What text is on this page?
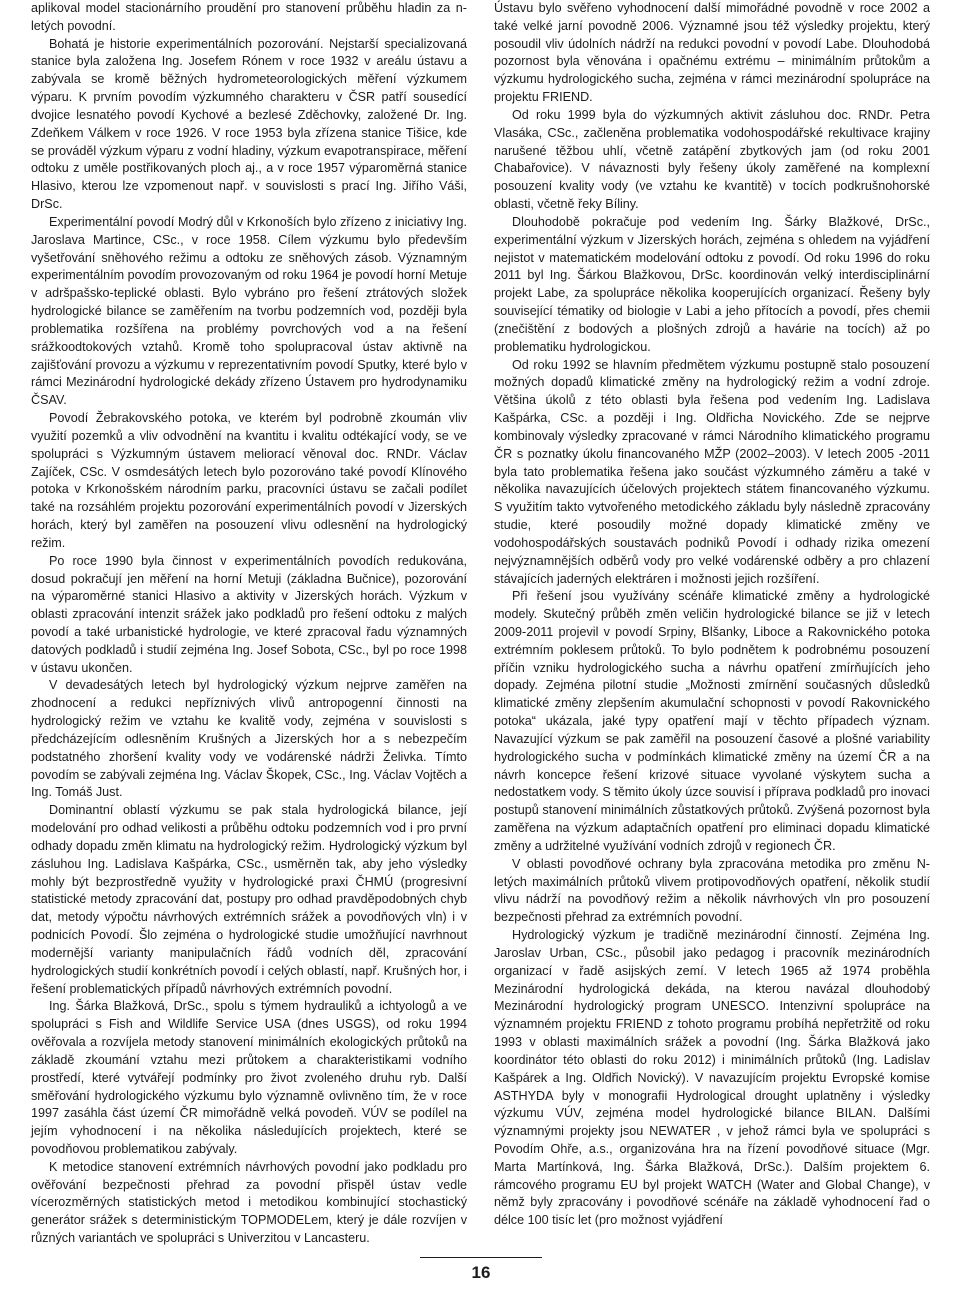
aplikoval model stacionárního proudění pro stanovení průběhu hladin za n-letých povodní.

Bohatá je historie experimentálních pozorování. Nejstarší specializovaná stanice byla založena Ing. Josefem Rónem v roce 1932 v areálu ústavu a zabývala se kromě běžných hydrometeorologických měření výzkumem výparu. K prvním povodím výzkumného charakteru v ČSR patří sousedící dvojice lesnatého povodí Kychové a bezlesé Zděchovky, založené Dr. Ing. Zdeňkem Válkem v roce 1926. V roce 1953 byla zřízena stanice Tišice, kde se prováděl výzkum výparu z vodní hladiny, výzkum evapotranspirace, měření odtoku z uměle postřikovaných ploch aj., a v roce 1957 výparoměrná stanice Hlasivo, kterou lze vzpomenout např. v souvislosti s prací Ing. Jiřího Váši, DrSc.

Experimentální povodí Modrý důl v Krkonoších bylo zřízeno z iniciativy Ing. Jaroslava Martince, CSc., v roce 1958. Cílem výzkumu bylo především vyšetřování sněhového režimu a odtoku ze sněhových zásob. Významným experimentálním povodím provozovaným od roku 1964 je povodí horní Metuje v adršpašsko-teplické oblasti. Bylo vybráno pro řešení ztrátových složek hydrologické bilance se zaměřením na tvorbu podzemních vod, později byla problematika rozšířena na problémy povrchových vod a na řešení srážkoodtokových vztahů. Kromě toho spolupracoval ústav aktivně na zajišťování provozu a výzkumu v reprezentativním povodí Sputky, které bylo v rámci Mezinárodní hydrologické dekády zřízeno Ústavem pro hydrodynamiku ČSAV.

Povodí Žebrakovského potoka, ve kterém byl podrobně zkoumán vliv využití pozemků a vliv odvodnění na kvantitu i kvalitu odtékající vody, se ve spolupráci s Výzkumným ústavem meliorací věnoval doc. RNDr. Václav Zajíček, CSc. V osmdesátých letech bylo pozorováno také povodí Klínového potoka v Krkonošském národním parku, pracovníci ústavu se začali podílet také na rozsáhlém projektu pozorování experimentálních povodí v Jizerských horách, který byl zaměřen na posouzení vlivu odlesnění na hydrologický režim.

Po roce 1990 byla činnost v experimentálních povodích redukována, dosud pokračují jen měření na horní Metuji (základna Bučnice), pozorování na výparoměrné stanici Hlasivo a aktivity v Jizerských horách. Výzkum v oblasti zpracování intenzit srážek jako podkladů pro řešení odtoku z malých povodí a také urbanistické hydrologie, ve které zpracoval řadu významných datových podkladů i studií zejména Ing. Josef Sobota, CSc., byl po roce 1998 v ústavu ukončen.

V devadesátých letech byl hydrologický výzkum nejprve zaměřen na zhodnocení a redukci nepříznivých vlivů antropogenní činnosti na hydrologický režim ve vztahu ke kvalitě vody, zejména v souvislosti s předcházejícím odlesněním Krušných a Jizerských hor a s nebezpečím podstatného zhoršení kvality vody ve vodárenské nádrži Želivka. Tímto povodím se zabývali zejména Ing. Václav Škopek, CSc., Ing. Václav Vojtěch a Ing. Tomáš Just.

Dominantní oblastí výzkumu se pak stala hydrologická bilance, její modelování pro odhad velikosti a průběhu odtoku podzemních vod i pro první odhady dopadu změn klimatu na hydrologický režim. Hydrologický výzkum byl zásluhou Ing. Ladislava Kašpárka, CSc., usměrněn tak, aby jeho výsledky mohly být bezprostředně využity v hydrologické praxi ČHMÚ (progresivní statistické metody zpracování dat, postupy pro odhad pravděpodobných chyb dat, metody výpočtu návrhových extrémních srážek a povodňových vln) i v podnicích Povodí. Šlo zejména o hydrologické studie umožňující navrhnout modernější varianty manipulačních řádů vodních děl, zpracování hydrologických studií konkrétních povodí i celých oblastí, např. Krušných hor, i řešení problematických případů návrhových extrémních povodní.

Ing. Šárka Blažková, DrSc., spolu s týmem hydrauliků a ichtyologů a ve spolupráci s Fish and Wildlife Service USA (dnes USGS), od roku 1994 ověřovala a rozvíjela metody stanovení minimálních ekologických průtoků na základě zkoumání vztahu mezi průtokem a charakteristikami vodního prostředí, které vytvářejí podmínky pro život zvoleného druhu ryb. Další směřování hydrologického výzkumu bylo významně ovlivněno tím, že v roce 1997 zasáhla část území ČR mimořádně velká povodeň. VÚV se podílel na jejím vyhodnocení i na několika následujících projektech, které se povodňovou problematikou zabývaly.

K metodice stanovení extrémních návrhových povodní jako podkladu pro ověřování bezpečnosti přehrad za povodní přispěl ústav vedle vícerozměrných statistických metod i metodikou kombinující stochastický generátor srážek s deterministickým TOPMODELem, který je dále rozvíjen v různých variantách ve spolupráci s Univerzitou v Lancasteru.

Ústavu bylo svěřeno vyhodnocení další mimořádné povodně v roce 2002 a také velké jarní povodně 2006. Významné jsou též výsledky projektu, který posoudil vliv údolních nádrží na redukci povodní v povodí Labe. Dlouhodobá pozornost byla věnována i opačnému extrému – minimálním průtokům a výzkumu hydrologického sucha, zejména v rámci mezinárodní spolupráce na projektu FRIEND.

Od roku 1999 byla do výzkumných aktivit zásluhou doc. RNDr. Petra Vlasáka, CSc., začleněna problematika vodohospodářské rekultivace krajiny narušené těžbou uhlí, včetně zatápění zbytkových jam (od roku 2001 Chabařovice). V návaznosti byly řešeny úkoly zaměřené na komplexní posouzení kvality vody (ve vztahu ke kvantitě) v tocích podkrušnohorské oblasti, včetně řeky Bíliny.

Dlouhodobě pokračuje pod vedením Ing. Šárky Blažkové, DrSc., experimentální výzkum v Jizerských horách, zejména s ohledem na vyjádření nejistot v matematickém modelování odtoku z povodí. Od roku 1996 do roku 2011 byl Ing. Šárkou Blažkovou, DrSc. koordinován velký interdisciplinární projekt Labe, za spolupráce několika kooperujících organizací. Řešeny byly související tématiky od biologie v Labi a jeho přítocích a povodí, přes chemii (znečištění z bodových a plošných zdrojů a havárie na tocích) až po problematiku hydrologickou.

Od roku 1992 se hlavním předmětem výzkumu postupně stalo posouzení možných dopadů klimatické změny na hydrologický režim a vodní zdroje. Většina úkolů z této oblasti byla řešena pod vedením Ing. Ladislava Kašpárka, CSc. a později i Ing. Oldřicha Novického. Zde se nejprve kombinovaly výsledky zpracované v rámci Národního klimatického programu ČR s poznatky úkolu financovaného MŽP (2002–2003). V letech 2005 -2011 byla tato problematika řešena jako součást výzkumného záměru a také v několika navazujících účelových projektech státem financovaného výzkumu. S využitím takto vytvořeného metodického základu byly následně zpracovány studie, které posoudily možné dopady klimatické změny ve vodohospodářských soustavách podniků Povodí i odhady rizika omezení nejvýznamnějších odběrů vody pro velké vodárenské odběry a pro chlazení stávajících jaderných elektráren i možnosti jejich rozšíření.

Při řešení jsou využívány scénáře klimatické změny a hydrologické modely. Skutečný průběh změn veličin hydrologické bilance se již v letech 2009-2011 projevil v povodí Srpiny, Blšanky, Liboce a Rakovnického potoka extrémním poklesem průtoků. To bylo podnětem k podrobnému posouzení příčin vzniku hydrologického sucha a návrhu opatření zmírňujících jeho dopady. Zejména pilotní studie „Možnosti zmírnění současných důsledků klimatické změny zlepšením akumulační schopnosti v povodí Rakovnického potoka“ ukázala, jaké typy opatření mají v těchto případech význam. Navazující výzkum se pak zaměřil na posouzení časové a plošné variability hydrologického sucha v podmínkách klimatické změny na území ČR a na návrh koncepce řešení krizové situace vyvolané výskytem sucha a nedostatkem vody. S těmito úkoly úzce souvisí i příprava podkladů pro inovaci postupů stanovení minimálních zůstatkových průtoků. Zvýšená pozornost byla zaměřena na výzkum adaptačních opatření pro eliminaci dopadu klimatické změny a udržitelné využívání vodních zdrojů v regionech ČR.

V oblasti povodňové ochrany byla zpracována metodika pro změnu N-letých maximálních průtoků vlivem protipovodňových opatření, několik studií vlivu nádrží na povodňový režim a několik návrhových vln pro posouzení bezpečnosti přehrad za extrémních povodní.

Hydrologický výzkum je tradičně mezinárodní činností. Zejména Ing. Jaroslav Urban, CSc., působil jako pedagog i pracovník mezinárodních organizací v řadě asijských zemí. V letech 1965 až 1974 proběhla Mezinárodní hydrologická dekáda, na kterou navázal dlouhodobý Mezinárodní hydrologický program UNESCO. Intenzivní spolupráce na významném projektu FRIEND z tohoto programu probíhá nepřetržitě od roku 1993 v oblasti maximálních srážek a povodní (Ing. Šárka Blažková jako koordinátor této oblasti do roku 2012) i minimálních průtoků (Ing. Ladislav Kašpárek a Ing. Oldřich Novický). V navazujícím projektu Evropské komise ASTHYDA byly v monografii Hydrological drought uplatněny i výsledky výzkumu VÚV, zejména model hydrologické bilance BILAN. Dalšími významnými projekty jsou NEWATER , v jehož rámci byla ve spolupráci s Povodím Ohře, a.s., organizována hra na řízení povodňové situace (Mgr. Marta Martínková, Ing. Šárka Blažková, DrSc.). Dalším projektem 6. rámcového programu EU byl projekt WATCH (Water and Global Change), v němž byly zpracovány i povodňové scénáře na základě vyhodnocení řad o délce 100 tisíc let (pro možnost vyjádření

16
